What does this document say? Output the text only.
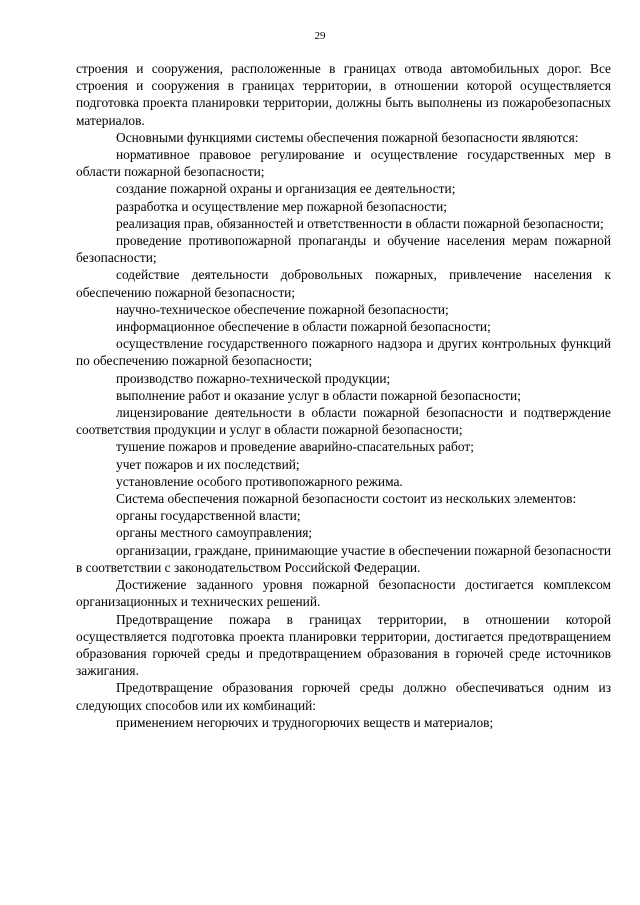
29

строения и сооружения, расположенные в границах отвода автомобильных дорог. Все строения и сооружения в границах территории, в отношении которой осуществляется подготовка проекта планировки территории, должны быть выполнены из пожаробезопасных материалов.

Основными функциями системы обеспечения пожарной безопасности являются:

нормативное правовое регулирование и осуществление государственных мер в области пожарной безопасности;

создание пожарной охраны и организация ее деятельности;

разработка и осуществление мер пожарной безопасности;

реализация прав, обязанностей и ответственности в области пожарной безопасности;

проведение противопожарной пропаганды и обучение населения мерам пожарной безопасности;

содействие деятельности добровольных пожарных, привлечение населения к обеспечению пожарной безопасности;

научно-техническое обеспечение пожарной безопасности;

информационное обеспечение в области пожарной безопасности;

осуществление государственного пожарного надзора и других контрольных функций по обеспечению пожарной безопасности;

производство пожарно-технической продукции;

выполнение работ и оказание услуг в области пожарной безопасности;

лицензирование деятельности в области пожарной безопасности и подтверждение соответствия продукции и услуг в области пожарной безопасности;

тушение пожаров и проведение аварийно-спасательных работ;

учет пожаров и их последствий;

установление особого противопожарного режима.

Система обеспечения пожарной безопасности состоит из нескольких элементов:

органы государственной власти;

органы местного самоуправления;

организации, граждане, принимающие участие в обеспечении пожарной безопасности в соответствии с законодательством Российской Федерации.

Достижение заданного уровня пожарной безопасности достигается комплексом организационных и технических решений.

Предотвращение пожара в границах территории, в отношении которой осуществляется подготовка проекта планировки территории, достигается предотвращением образования горючей среды и предотвращением образования в горючей среде источников зажигания.

Предотвращение образования горючей среды должно обеспечиваться одним из следующих способов или их комбинаций:

применением негорючих и трудногорючих веществ и материалов;
